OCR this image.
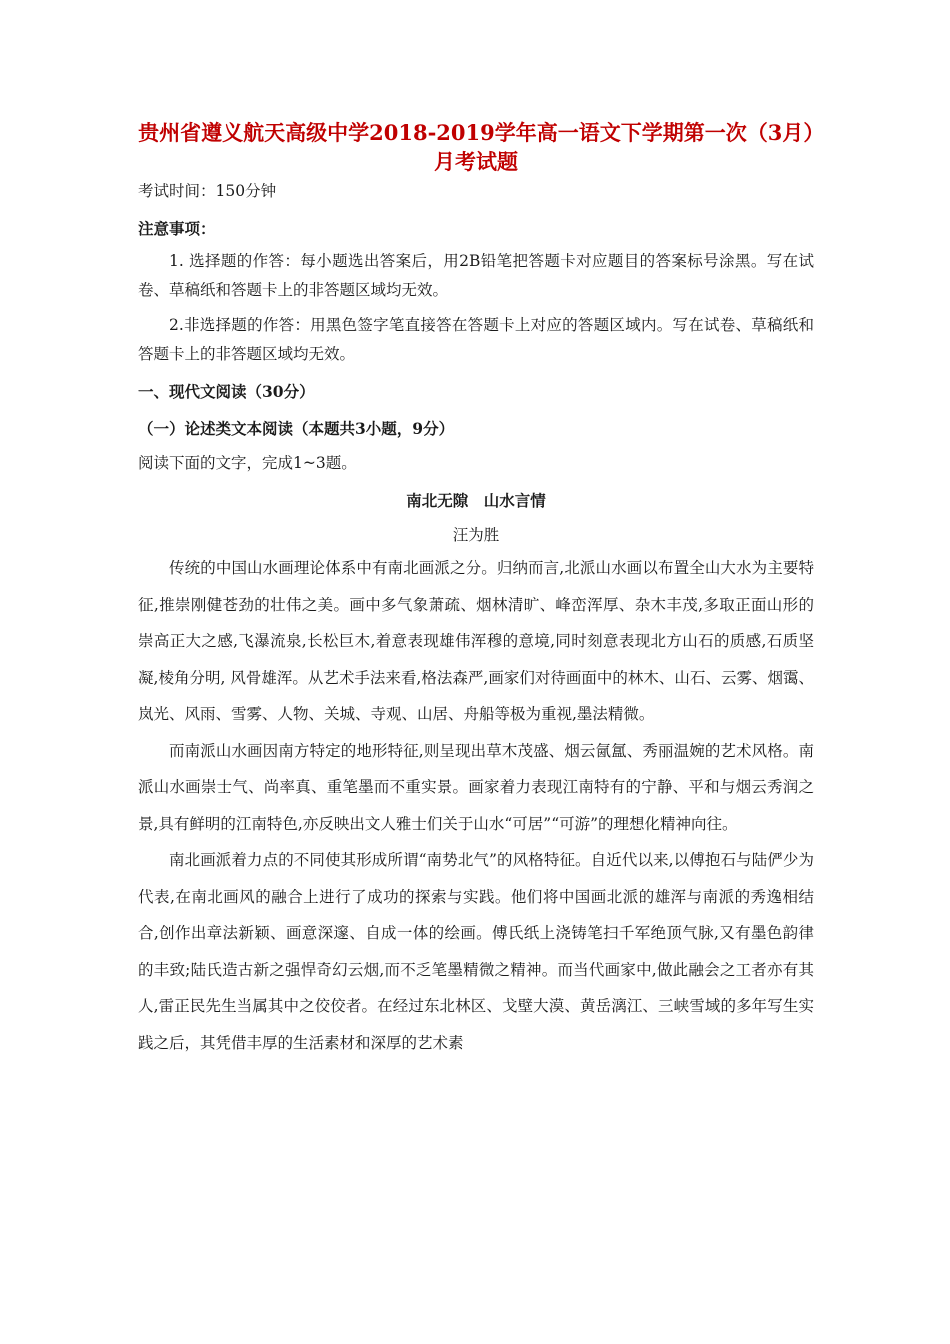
贵州省遵义航天高级中学2018-2019学年高一语文下学期第一次（3月）月考试题

考试时间：150分钟

注意事项：

1. 选择题的作答：每小题选出答案后，用2B铅笔把答题卡对应题目的答案标号涂黑。写在试卷、草稿纸和答题卡上的非答题区域均无效。

2.非选择题的作答：用黑色签字笔直接答在答题卡上对应的答题区域内。写在试卷、草稿纸和答题卡上的非答题区域均无效。

一、现代文阅读（30分）

（一）论述类文本阅读（本题共3小题，9分）

阅读下面的文字，完成1~3题。

南北无隙　山水言情

汪为胜

传统的中国山水画理论体系中有南北画派之分。归纳而言,北派山水画以布置全山大水为主要特征,推崇刚健苍劲的壮伟之美。画中多气象萧疏、烟林清旷、峰峦浑厚、杂木丰茂,多取正面山形的崇高正大之感,飞瀑流泉,长松巨木,着意表现雄伟浑穆的意境,同时刻意表现北方山石的质感,石质坚凝,棱角分明, 风骨雄浑。从艺术手法来看,格法森严,画家们对待画面中的林木、山石、云雾、烟霭、岚光、风雨、雪雾、人物、关城、寺观、山居、舟船等极为重视,墨法精微。

而南派山水画因南方特定的地形特征,则呈现出草木茂盛、烟云氤氲、秀丽温婉的艺术风格。南派山水画崇士气、尚率真、重笔墨而不重实景。画家着力表现江南特有的宁静、平和与烟云秀润之景,具有鲜明的江南特色,亦反映出文人雅士们关于山水“可居”“可游”的理想化精神向往。

南北画派着力点的不同使其形成所谓“南势北气”的风格特征。自近代以来,以傅抱石与陆俨少为代表,在南北画风的融合上进行了成功的探索与实践。他们将中国画北派的雄浑与南派的秀逸相结合,创作出章法新颖、画意深邃、自成一体的绘画。傅氏纸上浇铸笔扫千军绝顶气脉,又有墨色韵律的丰致;陆氏造古新之强悍奇幻云烟,而不乏笔墨精微之精神。而当代画家中,做此融会之工者亦有其人,雷正民先生当属其中之佼佼者。在经过东北林区、戈壁大漠、黄岳漓江、三峡雪域的多年写生实践之后，其凭借丰厚的生活素材和深厚的艺术素
